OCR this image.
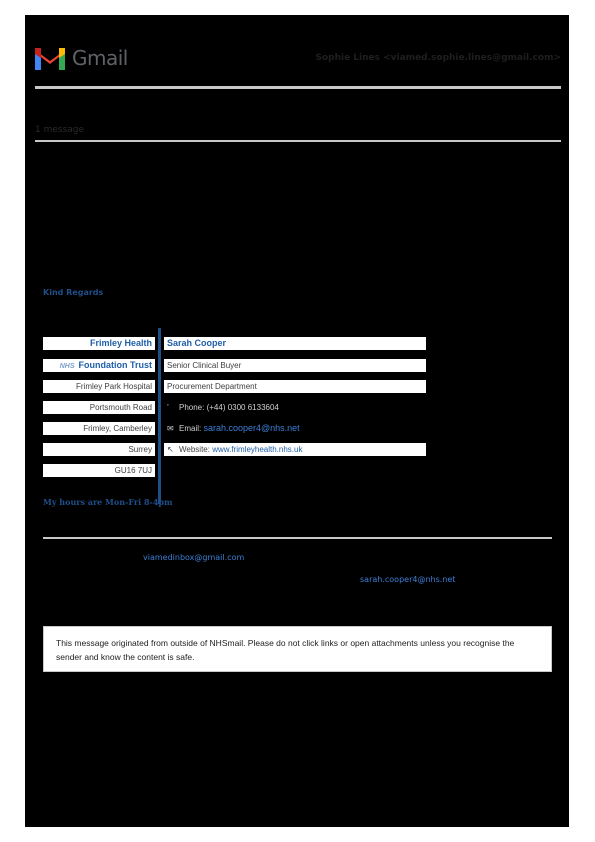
Gmail	Sophie Lines <viamed.sophie.lines@gmail.com>
1 message
Kind Regards
Frimley Health
NHS Foundation Trust
Frimley Park Hospital
Portsmouth Road
Frimley, Camberley
Surrey
GU16 7UJ
Sarah Cooper
Senior Clinical Buyer
Procurement Department
’ Phone: (+44) 0300 6133604
✉ Email: sarah.cooper4@nhs.net
↖ Website: www.frimleyhealth.nhs.uk
My hours are Mon-Fri 8-4pm
viamedinbox@gmail.com
sarah.cooper4@nhs.net
This message originated from outside of NHSmail. Please do not click links or open attachments unless you recognise the sender and know the content is safe.
